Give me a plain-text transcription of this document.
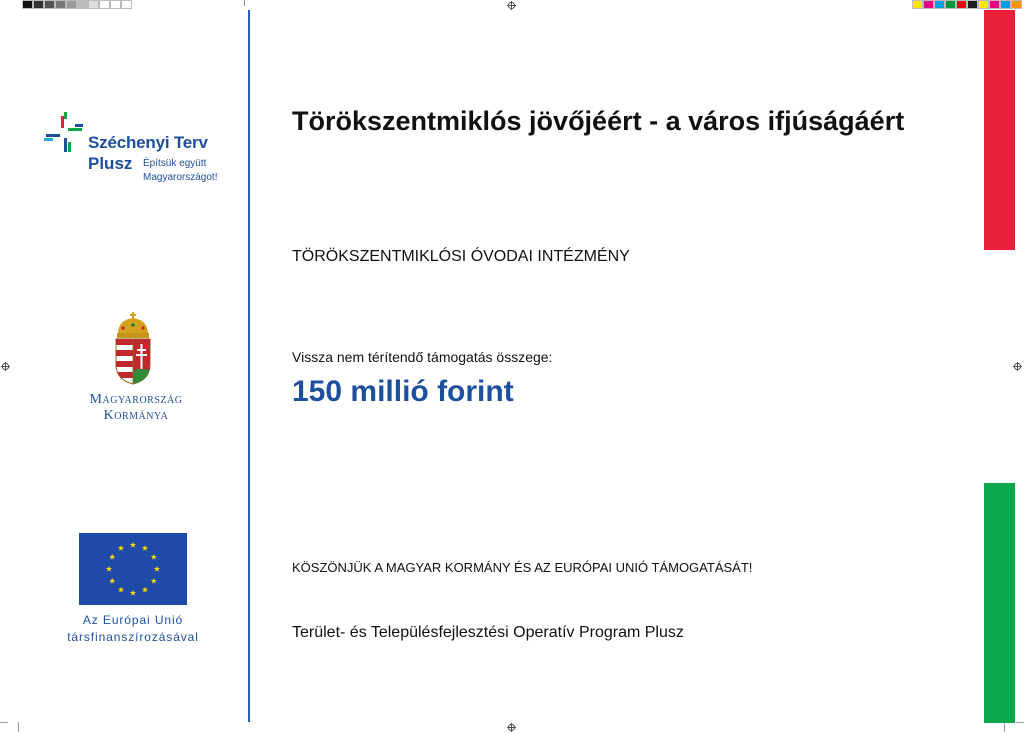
Széchenyi Terv
Plusz Építsük együtt
Magyarországot!
Magyarország
Kormánya
Az Európai Unió
társfinanszírozásával
Törökszentmiklós jövőjéért - a város ifjúságáért
TÖRÖKSZENTMIKLÓSI ÓVODAI INTÉZMÉNY
Vissza nem térítendő támogatás összege:
150 millió forint
KÖSZÖNJÜK A MAGYAR KORMÁNY ÉS AZ EURÓPAI UNIÓ TÁMOGATÁSÁT!
Terület- és Településfejlesztési Operatív Program Plusz
